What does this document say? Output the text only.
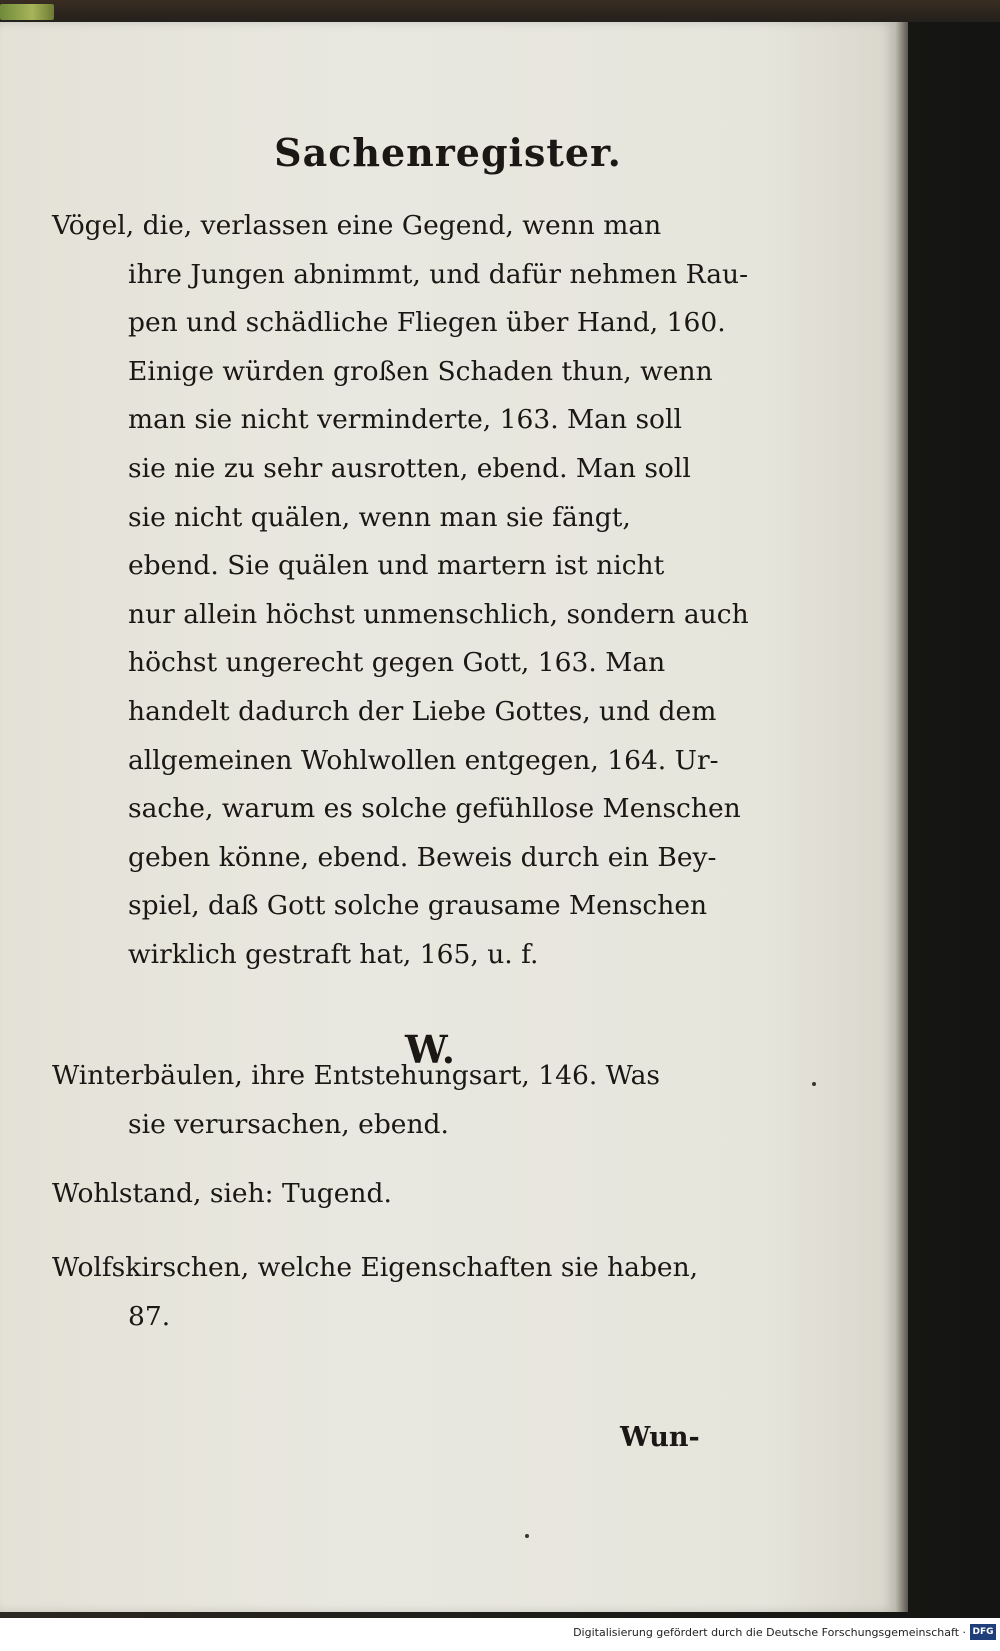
Sachenregister.
Vögel, die, verlassen eine Gegend, wenn man
ihre Jungen abnimmt, und dafür nehmen Rau-
pen und schädliche Fliegen über Hand, 160.
Einige würden großen Schaden thun, wenn
man sie nicht verminderte, 163. Man soll
sie nie zu sehr ausrotten, ebend. Man soll
sie nicht quälen, wenn man sie fängt,
ebend. Sie quälen und martern ist nicht
nur allein höchst unmenschlich, sondern auch
höchst ungerecht gegen Gott, 163. Man
handelt dadurch der Liebe Gottes, und dem
allgemeinen Wohlwollen entgegen, 164. Ur-
sache, warum es solche gefühllose Menschen
geben könne, ebend. Beweis durch ein Bey-
spiel, daß Gott solche grausame Menschen
wirklich gestraft hat, 165, u. f.
W.
Winterbäulen, ihre Entstehungsart, 146. Was
sie verursachen, ebend.
Wohlstand, sieh: Tugend.
Wolfskirschen, welche Eigenschaften sie haben,
87.
Wun-
Digitalisierung gefördert durch die Deutsche Forschungsgemeinschaft · DFG
